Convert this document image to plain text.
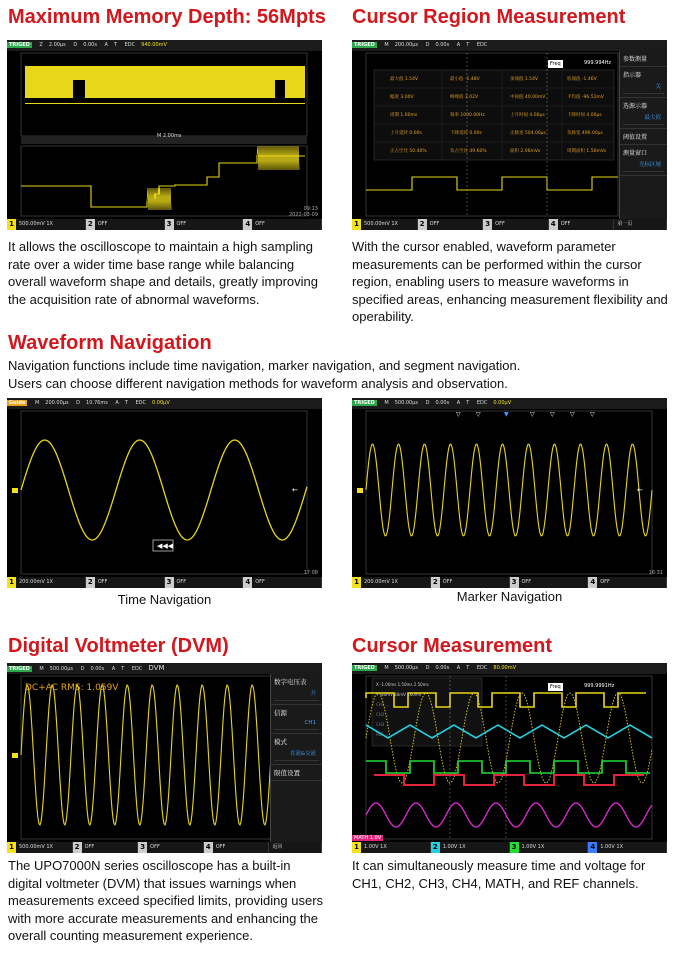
Maximum Memory Depth: 56Mpts Cursor Region Measurement
TRIGED Z 2.00μs D 0.00s A T EDC 940.00mV
M 2.00ms
09:13
2022-03-09
1	500.00mV 1X	2	OFF	3	OFF	4	OFF
TRIGED M 200.00μs D 0.00s A T EDC
最大值 1.54V	最小值 -1.48V	顶端值 1.54V	底端值 -1.46V
幅度 3.00V	峰峰值 3.02V	中间值 40.00mV	平均值 -96.51mV
周期 1.00ms	频率 1000.00Hz	上升时间 4.00μs	下降时间 4.00μs
上升延时 0.00s	下降延时 0.00s	正脉宽 504.00μs	负脉宽 496.00μs
正占空比 50.40%	负占空比 49.60%	面积 2.06mVs	周期面积 1.50mVs
Freq	999.994Hz	参数测量
指示器
关
选源示器
最大值
阈值设置
测量窗口
光标区域
1	500.00mV 1X	2	OFF	3	OFF	4	OFF	第一页
It allows the oscilloscope to maintain a high sampling rate over a wider time base range while balancing overall waveform shape and details, greatly improving the acquisition rate of abnormal waveforms.
With the cursor enabled, waveform parameter measurements can be performed within the cursor region, enabling users to measure waveforms in specified areas, enhancing measurement flexibility and operability.
Waveform Navigation
Navigation functions include time navigation, marker navigation, and segment navigation.
Users can choose different navigation methods for waveform analysis and observation.
Guide M 200.00μs D 10.76ms A T EDC 0.00μV
◀◀◀
←
17:08
1	200.00mV 1X	2	OFF	3	OFF	4	OFF
TRIGED M 500.00μs D 0.00s A T EDC 0.00μV
▽	▽	▼	▽	▽	▽	▽
←
16:31
1	200.00mV 1X	2	OFF	3	OFF	4	OFF
Time Navigation	Marker Navigation
Digital Voltmeter (DVM)	Cursor Measurement
TRIGED M 500.00μs D 0.00s A T EDC DVM
DC+AC RMS: 1.059V
数字电压表
开
信源
CH1
模式
直流&交流
限值设置
1	500.00mV 1X	2	OFF	3	OFF	4	OFF	返回
TRIGED M 500.00μs D 0.00s A T EDC 80.00mV
X -1.00ms 1.50ms 2.50ms
Y -80mV 80mV 160mV
CH1 ...
CH2 ...
CH3 ...
REF ...
Freq	999.9991Hz
MATH 1.0V
1	1.00V 1X	2	1.00V 1X	3	1.00V 1X	4	1.00V 1X
The UPO7000N series oscilloscope has a built-in digital voltmeter (DVM) that issues warnings when measurements exceed specified limits, providing users with more accurate measurements and enhancing the overall counting measurement experience.
It can simultaneously measure time and voltage for CH1, CH2, CH3, CH4, MATH, and REF channels.
